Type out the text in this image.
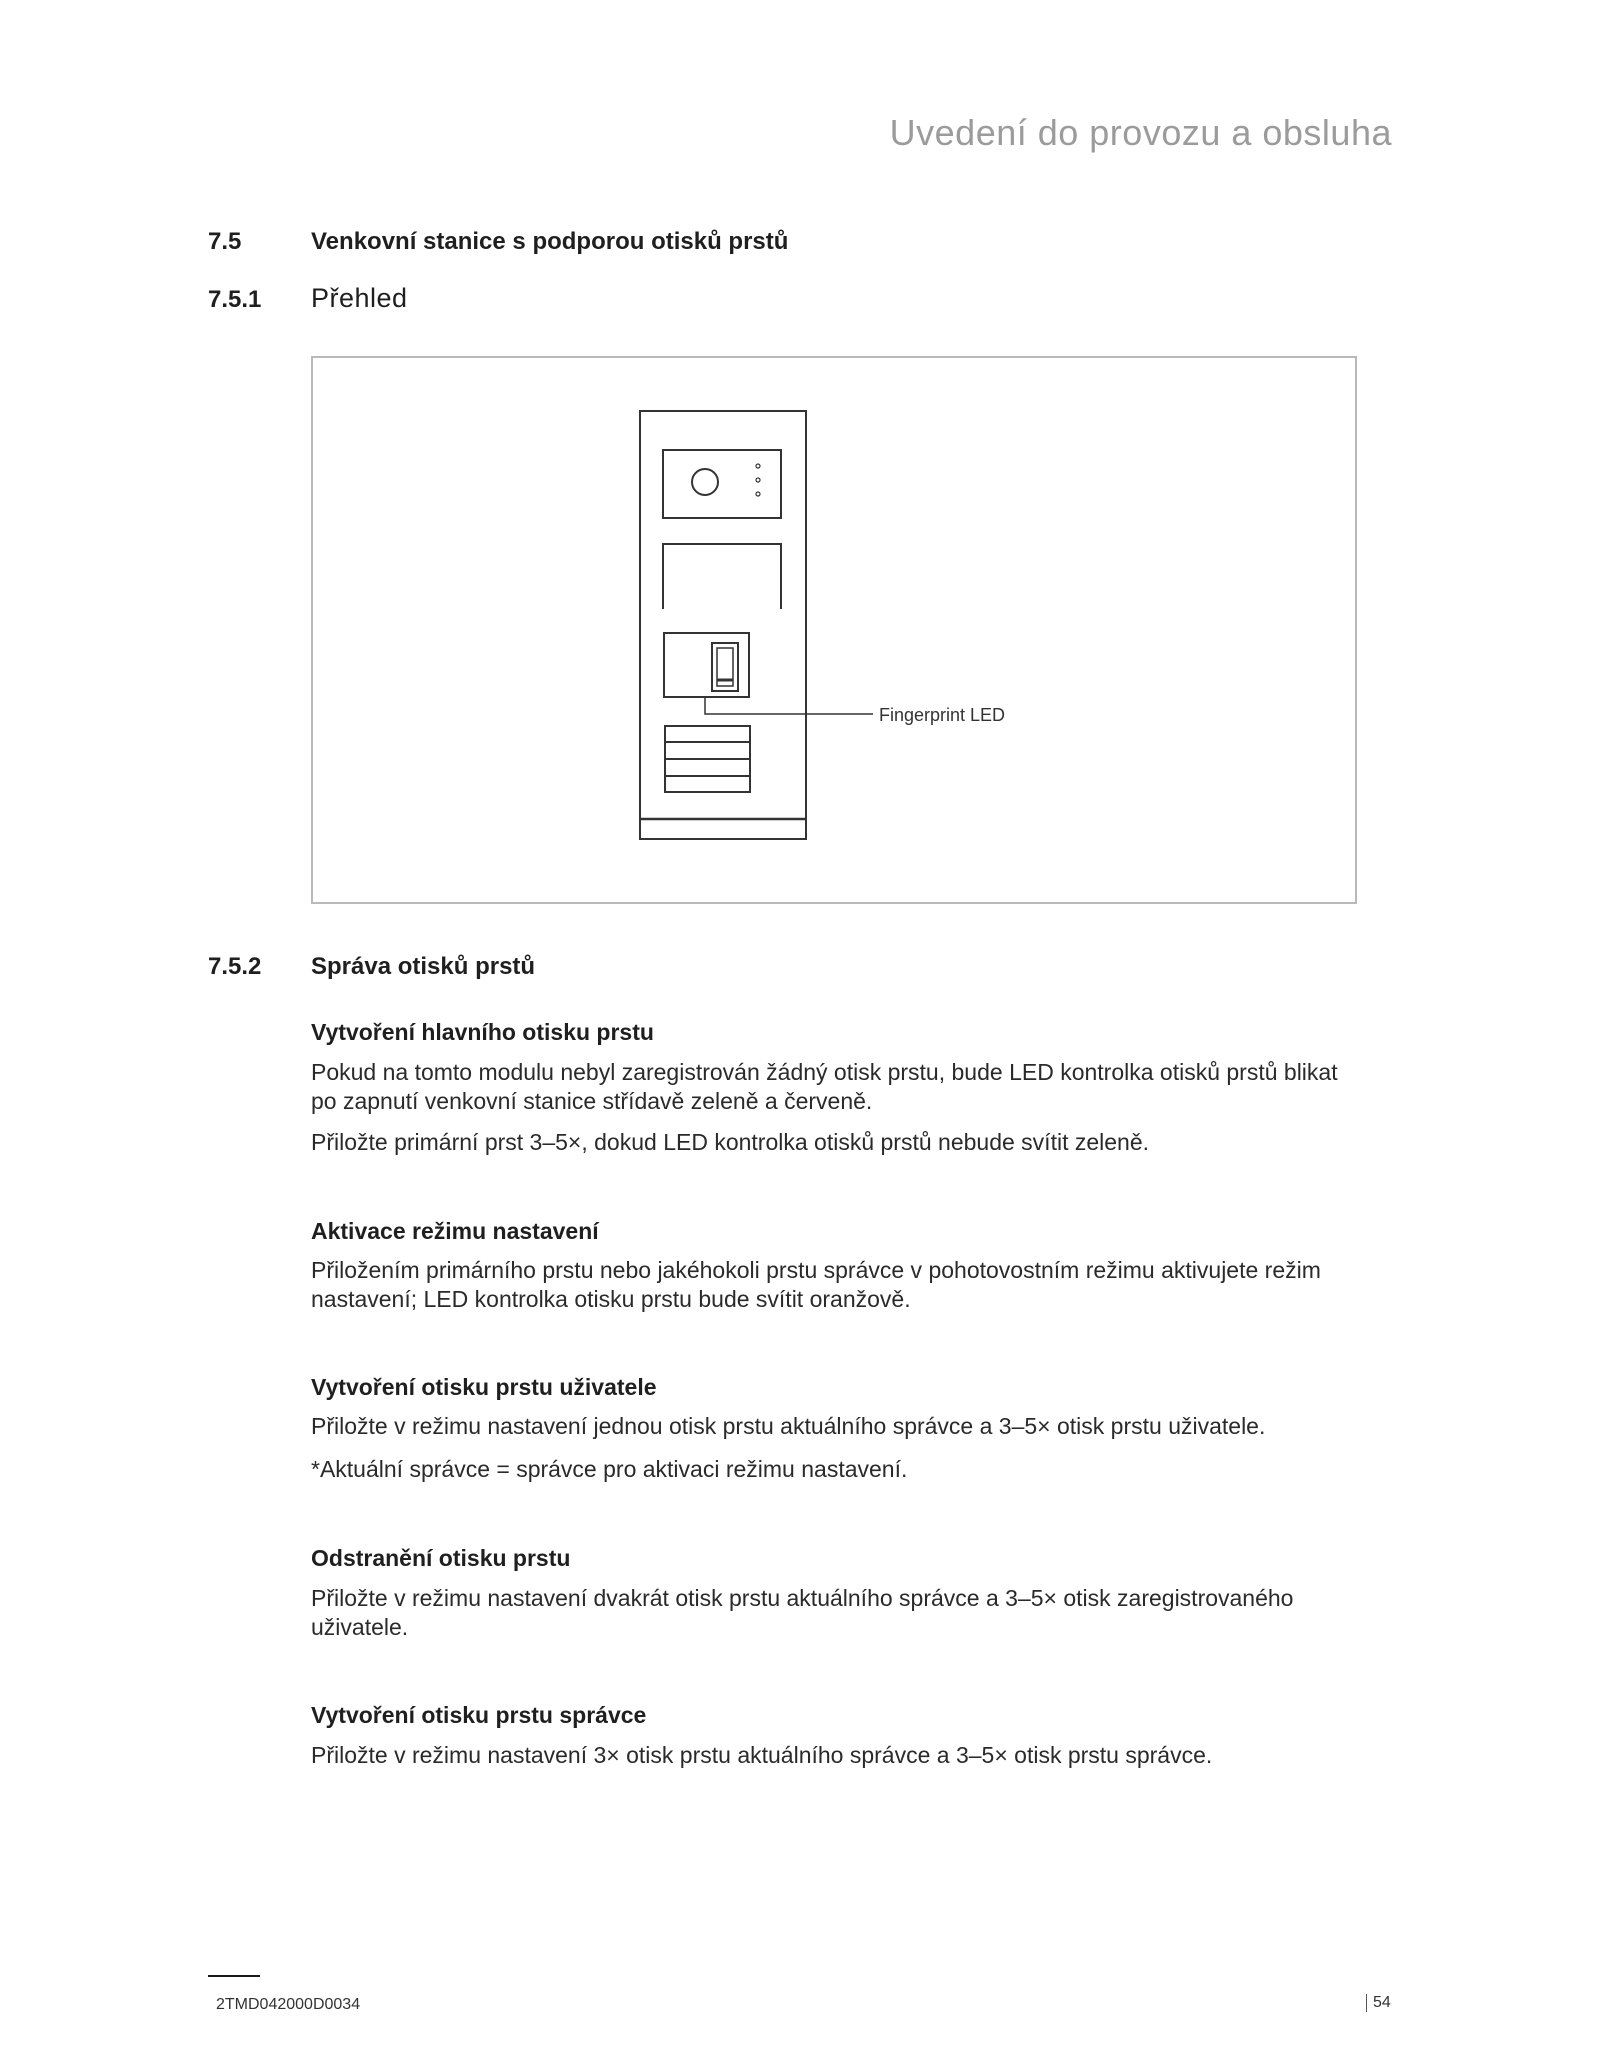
Uvedení do provozu a obsluha
7.5	Venkovní stanice s podporou otisků prstů
7.5.1 Přehled
Fingerprint LED
7.5.2 Správa otisků prstů
Vytvoření hlavního otisku prstu
Pokud na tomto modulu nebyl zaregistrován žádný otisk prstu, bude LED kontrolka otisků prstů blikat po zapnutí venkovní stanice střídavě zeleně a červeně.
Přiložte primární prst 3–5×, dokud LED kontrolka otisků prstů nebude svítit zeleně.
Aktivace režimu nastavení
Přiložením primárního prstu nebo jakéhokoli prstu správce v pohotovostním režimu aktivujete režim nastavení; LED kontrolka otisku prstu bude svítit oranžově.
Vytvoření otisku prstu uživatele
Přiložte v režimu nastavení jednou otisk prstu aktuálního správce a 3–5× otisk prstu uživatele.
*Aktuální správce = správce pro aktivaci režimu nastavení.
Odstranění otisku prstu
Přiložte v režimu nastavení dvakrát otisk prstu aktuálního správce a 3–5× otisk zaregistrovaného uživatele.
Vytvoření otisku prstu správce
Přiložte v režimu nastavení 3× otisk prstu aktuálního správce a 3–5× otisk prstu správce.
2TMD042000D0034	54
